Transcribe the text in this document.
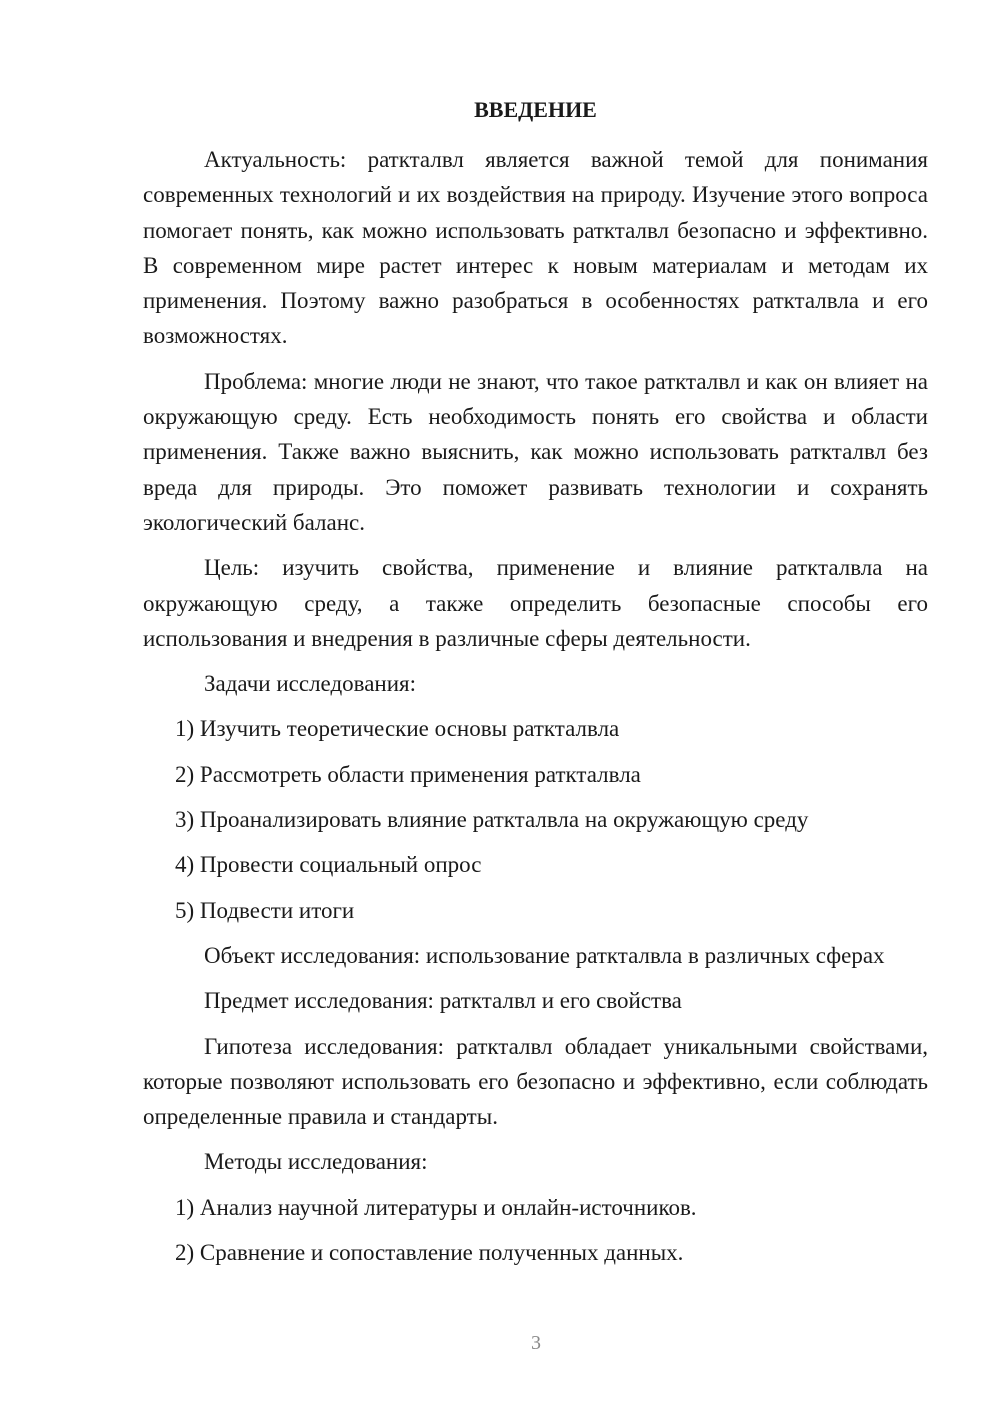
ВВЕДЕНИЕ

Актуальность: раткталвл является важной темой для понимания современных технологий и их воздействия на природу. Изучение этого вопроса помогает понять, как можно использовать раткталвл безопасно и эффективно. В современном мире растет интерес к новым материалам и методам их применения. Поэтому важно разобраться в особенностях раткталвла и его возможностях.

Проблема: многие люди не знают, что такое раткталвл и как он влияет на окружающую среду. Есть необходимость понять его свойства и области применения. Также важно выяснить, как можно использовать раткталвл без вреда для природы. Это поможет развивать технологии и сохранять экологический баланс.

Цель: изучить свойства, применение и влияние раткталвла на окружающую среду, а также определить безопасные способы его использования и внедрения в различные сферы деятельности.

Задачи исследования:

1) Изучить теоретические основы раткталвла
2) Рассмотреть области применения раткталвла
3) Проанализировать влияние раткталвла на окружающую среду
4) Провести социальный опрос
5) Подвести итоги

Объект исследования: использование раткталвла в различных сферах

Предмет исследования: раткталвл и его свойства

Гипотеза исследования: раткталвл обладает уникальными свойствами, которые позволяют использовать его безопасно и эффективно, если соблюдать определенные правила и стандарты.

Методы исследования:

1) Анализ научной литературы и онлайн-источников.
2) Сравнение и сопоставление полученных данных.
3
